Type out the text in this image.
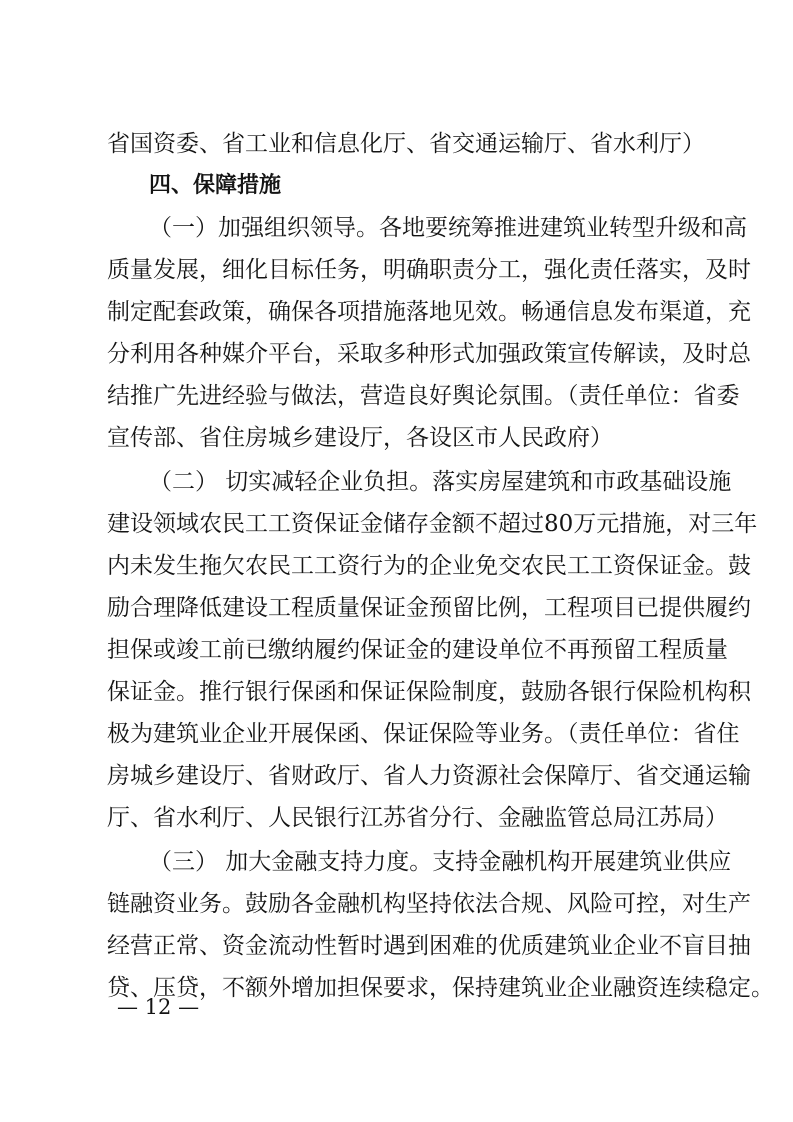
省国资委、省工业和信息化厅、省交通运输厅、省水利厅）
四、保障措施
（一）加强组织领导。各地要统筹推进建筑业转型升级和高
质量发展，细化目标任务，明确职责分工，强化责任落实，及时
制定配套政策，确保各项措施落地见效。畅通信息发布渠道，充
分利用各种媒介平台，采取多种形式加强政策宣传解读，及时总
结推广先进经验与做法，营造良好舆论氛围。（责任单位：省委
宣传部、省住房城乡建设厅，各设区市人民政府）
（二） 切实减轻企业负担。落实房屋建筑和市政基础设施
建设领域农民工工资保证金储存金额不超过80万元措施，对三年
内未发生拖欠农民工工资行为的企业免交农民工工资保证金。鼓
励合理降低建设工程质量保证金预留比例，工程项目已提供履约
担保或竣工前已缴纳履约保证金的建设单位不再预留工程质量
保证金。推行银行保函和保证保险制度，鼓励各银行保险机构积
极为建筑业企业开展保函、保证保险等业务。（责任单位：省住
房城乡建设厅、省财政厅、省人力资源社会保障厅、省交通运输
厅、省水利厅、人民银行江苏省分行、金融监管总局江苏局）
（三） 加大金融支持力度。支持金融机构开展建筑业供应
链融资业务。鼓励各金融机构坚持依法合规、风险可控，对生产
经营正常、资金流动性暂时遇到困难的优质建筑业企业不盲目抽
贷、压贷，不额外增加担保要求，保持建筑业企业融资连续稳定。
— 12 —
